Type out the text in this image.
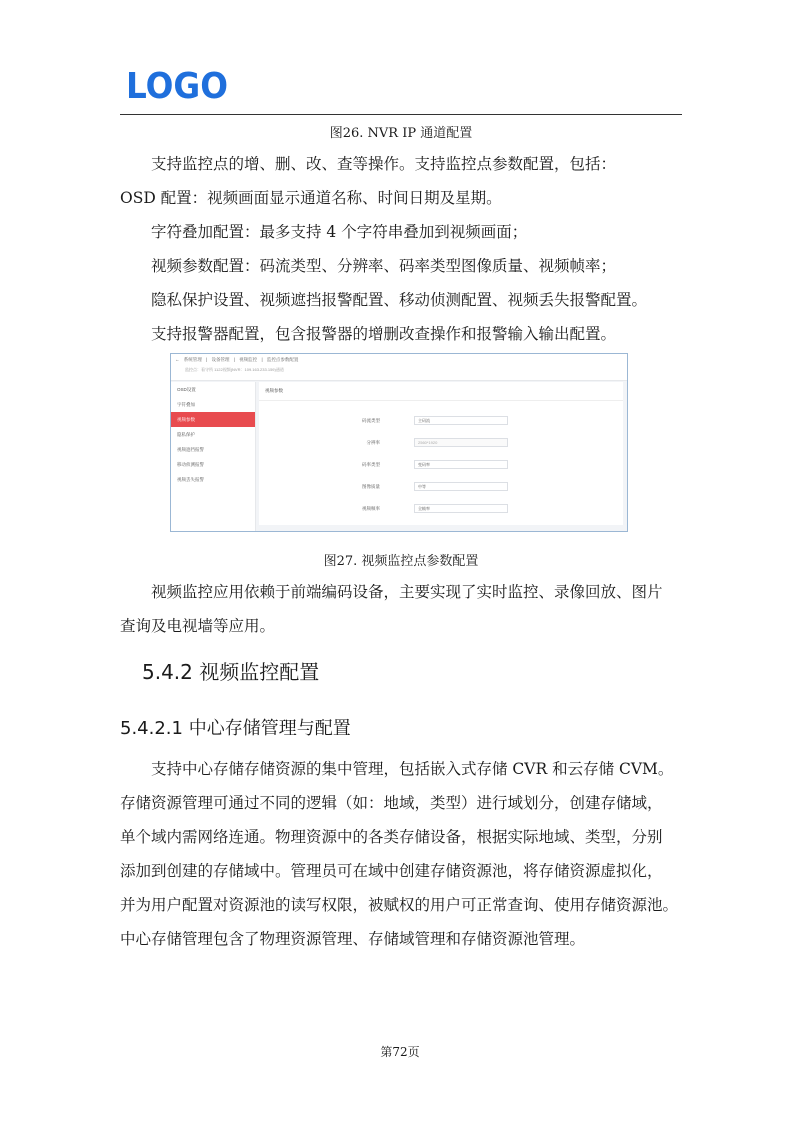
LOGO
图26. NVR IP 通道配置

支持监控点的增、删、改、查等操作。支持监控点参数配置，包括：

OSD 配置：视频画面显示通道名称、时间日期及星期。

字符叠加配置：最多支持 4 个字符串叠加到视频画面；

视频参数配置：码流类型、分辨率、码率类型图像质量、视频帧率；

隐私保护设置、视频遮挡报警配置、移动侦测配置、视频丢失报警配置。

支持报警器配置，包含报警器的增删改查操作和报警输入输出配置。

← 系统管理 | 设备管理 | 视频监控 | 监控点参数配置
监控点：看守所 1122视频(NVR：109.163.233.159)通道
OSD设置
字符叠加
视频参数
隐私保护
视频遮挡报警
移动侦测报警
视频丢失报警
视频参数
码流类型	主码流
分辨率	2560*1920
码率类型	变码率
图像质量	中等
视频帧率	全帧率
图27. 视频监控点参数配置

视频监控应用依赖于前端编码设备，主要实现了实时监控、录像回放、图片

查询及电视墙等应用。

5.4.2 视频监控配置
5.4.2.1 中心存储管理与配置

支持中心存储存储资源的集中管理，包括嵌入式存储 CVR 和云存储 CVM。

存储资源管理可通过不同的逻辑（如：地域，类型）进行域划分，创建存储域，

单个域内需网络连通。物理资源中的各类存储设备，根据实际地域、类型，分别

添加到创建的存储域中。管理员可在域中创建存储资源池，将存储资源虚拟化，

并为用户配置对资源池的读写权限，被赋权的用户可正常查询、使用存储资源池。

中心存储管理包含了物理资源管理、存储域管理和存储资源池管理。

第72页
